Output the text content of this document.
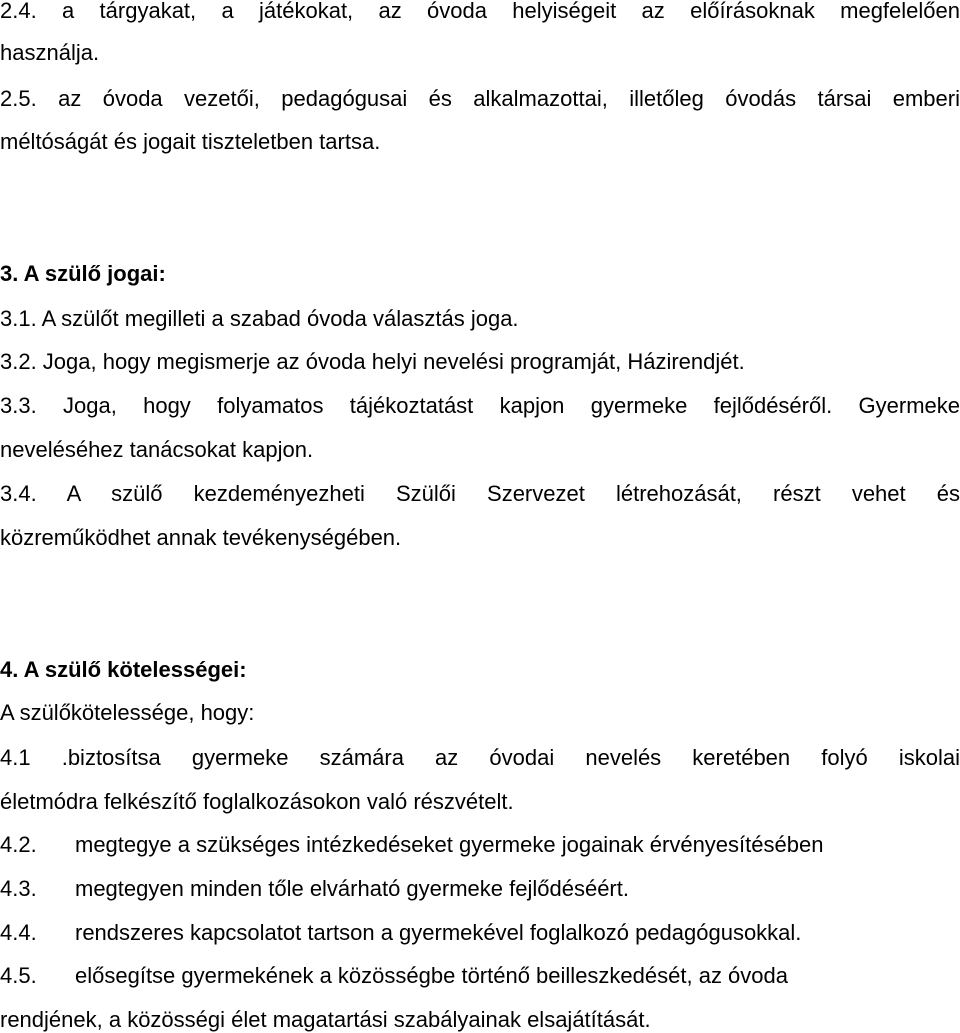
2.4. a tárgyakat, a játékokat, az óvoda helyiségeit az előírásoknak megfelelően
használja.
2.5. az óvoda vezetői, pedagógusai és alkalmazottai, illetőleg óvodás társai emberi
méltóságát és jogait tiszteletben tartsa.
3. A szülő jogai:
3.1. A szülőt megilleti a szabad óvoda választás joga.
3.2. Joga, hogy megismerje az óvoda helyi nevelési programját, Házirendjét.
3.3. Joga, hogy folyamatos tájékoztatást kapjon gyermeke fejlődéséről. Gyermeke
neveléséhez tanácsokat kapjon.
3.4. A szülő kezdeményezheti Szülői Szervezet létrehozását, részt vehet és
közreműködhet annak tevékenységében.
4. A szülő kötelességei:
A szülőkötelessége, hogy:
4.1 .biztosítsa gyermeke számára az óvodai nevelés keretében folyó iskolai
életmódra felkészítő foglalkozásokon való részvételt.
4.2. megtegye a szükséges intézkedéseket gyermeke jogainak érvényesítésében
4.3. megtegyen minden tőle elvárható gyermeke fejlődéséért.
4.4. rendszeres kapcsolatot tartson a gyermekével foglalkozó pedagógusokkal.
4.5. elősegítse gyermekének a közösségbe történő beilleszkedését, az óvoda
rendjének, a közösségi élet magatartási szabályainak elsajátítását.
